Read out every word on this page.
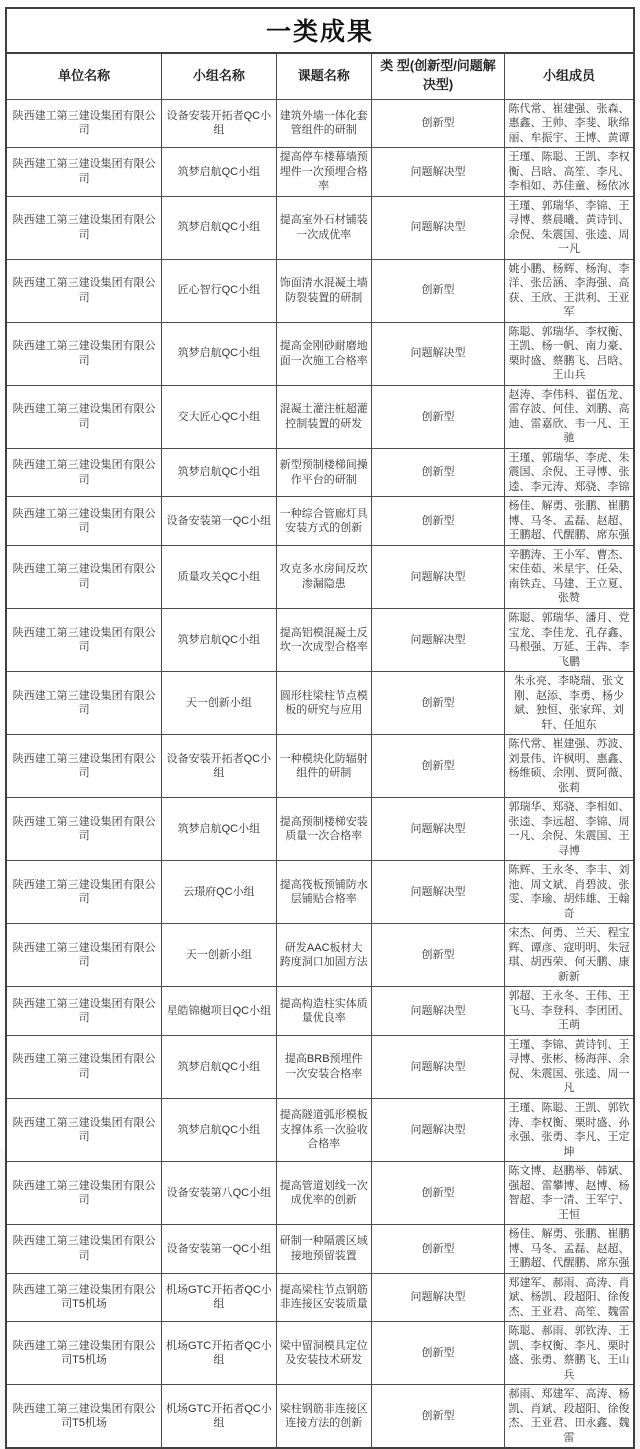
一类成果				
单位名称	小组名称	课题名称	类 型(创新型/问题解决型)	小组成员
陕西建工第三建设集团有限公司	设备安装开拓者QC小组	建筑外墙一体化套管组件的研制	创新型	陈代常、崔建强、张森、惠鑫、王帅、李斐、耿绵丽、牟振宇、王博、黄谭
陕西建工第三建设集团有限公司	筑梦启航QC小组	提高停车楼幕墙预埋件一次预埋合格率	问题解决型	王瑾、陈聪、王凯、李权衡、吕晗、高笙、李凡、李相如、苏佳童、杨依冰
陕西建工第三建设集团有限公司	筑梦启航QC小组	提高室外石材铺装一次成优率	问题解决型	王瑾、郭瑞华、李锦、王寻博、蔡晨曦、黄诗钊、余倪、朱震国、张逵、周一凡
陕西建工第三建设集团有限公司	匠心智行QC小组	饰面清水混凝土墙防裂装置的研制	创新型	姚小鹏、杨辉、杨洵、李洋、张岳涵、李海强、高获、王欣、王洪利、王亚军
陕西建工第三建设集团有限公司	筑梦启航QC小组	提高金刚砂耐磨地面一次施工合格率	问题解决型	陈聪、郭瑞华、李权衡、王凯、杨一帆、南力豪、栗时盛、蔡鹏飞、吕晗、王山兵
陕西建工第三建设集团有限公司	交大匠心QC小组	混凝土灌注桩超灌控制装置的研发	创新型	赵涛、李伟科、翟伍龙、雷存波、何佳、刘鹏、高迪、雷嘉欣、韦一凡、王驰
陕西建工第三建设集团有限公司	筑梦启航QC小组	新型预制楼梯间操作平台的研制	创新型	王瑾、郭瑞华、李虎、朱震国、余倪、王寻博、张逵、李元涛、郑骁、李锦
陕西建工第三建设集团有限公司	设备安装第一QC小组	一种综合管廊灯具安装方式的创新	创新型	杨佳、解勇、张鹏、崔鹏博、马冬、孟磊、赵超、王鹏超、代醒鹏、席东强
陕西建工第三建设集团有限公司	质量攻关QC小组	攻克多水房间反坎渗漏隐患	问题解决型	辛鹏涛、王小军、曹杰、宋佳茹、米星宇、任朵、南铁垚、马建、王立夏、张赞
陕西建工第三建设集团有限公司	筑梦启航QC小组	提高铝模混凝土反坎一次成型合格率	问题解决型	陈聪、郭瑞华、潘月、党宝龙、李佳龙、孔存鑫、马根强、万延、王犇、李飞鹏
陕西建工第三建设集团有限公司	天一创新小组	圆形柱梁柱节点模板的研究与应用	创新型	朱永亮、李晓瑞、张文刚、赵添、李勇、杨少斌、独恒、张家珲、刘轩、任旭东
陕西建工第三建设集团有限公司	设备安装开拓者QC小组	一种模块化防辐射组件的研制	创新型	陈代常、崔建强、苏波、刘景伟、许枫明、惠鑫、杨维硕、余刚、贾阿薇、张莉
陕西建工第三建设集团有限公司	筑梦启航QC小组	提高预制楼梯安装质量一次合格率	问题解决型	郭瑞华、郑骁、李相如、张逵、李远超、李锦、周一凡、余倪、朱震国、王寻博
陕西建工第三建设集团有限公司	云璟府QC小组	提高筏板预铺防水层铺贴合格率	问题解决型	陈辉、王永冬、李丰、刘池、周文斌、肖碧波、张雯、李瑜、胡炜雄、王翰奇
陕西建工第三建设集团有限公司	天一创新小组	研发AAC板材大跨度洞口加固方法	创新型	宋杰、何勇、兰天、程宝辉、谭彦、寇明明、朱冠琪、胡西荣、何天鹏、康新新
陕西建工第三建设集团有限公司	星皓锦樾项目QC小组	提高构造柱实体质量优良率	问题解决型	郭超、王永冬、王伟、王飞马、李登科、李团团、王萌
陕西建工第三建设集团有限公司	筑梦启航QC小组	提高BRB预埋件一次安装合格率	问题解决型	王瑾、李锦、黄诗钊、王寻博、张彬、杨海萍、余倪、朱震国、张逵、周一凡
陕西建工第三建设集团有限公司	筑梦启航QC小组	提高隧道弧形模板支撑体系一次验收合格率	问题解决型	王瑾、陈聪、王凯、郭钦涛、李权衡、栗时盛、孙永强、张勇、李凡、王定坤
陕西建工第三建设集团有限公司	设备安装第八QC小组	提高管道划线一次成优率的创新	创新型	陈文博、赵鹏举、韩斌、强超、雷攀博、赵博、杨智超、李一清、王军宁、王恒
陕西建工第三建设集团有限公司	设备安装第一QC小组	研制一种隔震区域接地预留装置	创新型	杨佳、解勇、张鹏、崔鹏博、马冬、孟磊、赵超、王鹏超、代醒鹏、席东强
陕西建工第三建设集团有限公司T5机场	机场GTC开拓者QC小组	提高梁柱节点钢筋非连接区安装质量	问题解决型	郑建军、郝雨、高涛、肖斌、杨凯、段超阳、徐俊杰、王亚君、高笙、魏雷
陕西建工第三建设集团有限公司T5机场	机场GTC开拓者QC小组	梁中留洞模具定位及安装技术研发	创新型	陈聪、郝雨、郭钦涛、王凯、李权衡、李凡、栗时盛、张勇、蔡鹏飞、王山兵
陕西建工第三建设集团有限公司T5机场	机场GTC开拓者QC小组	梁柱钢筋非连接区连接方法的创新	创新型	郝雨、郑建军、高涛、杨凯、肖斌、段超阳、徐俊杰、王亚君、田永鑫、魏雷
